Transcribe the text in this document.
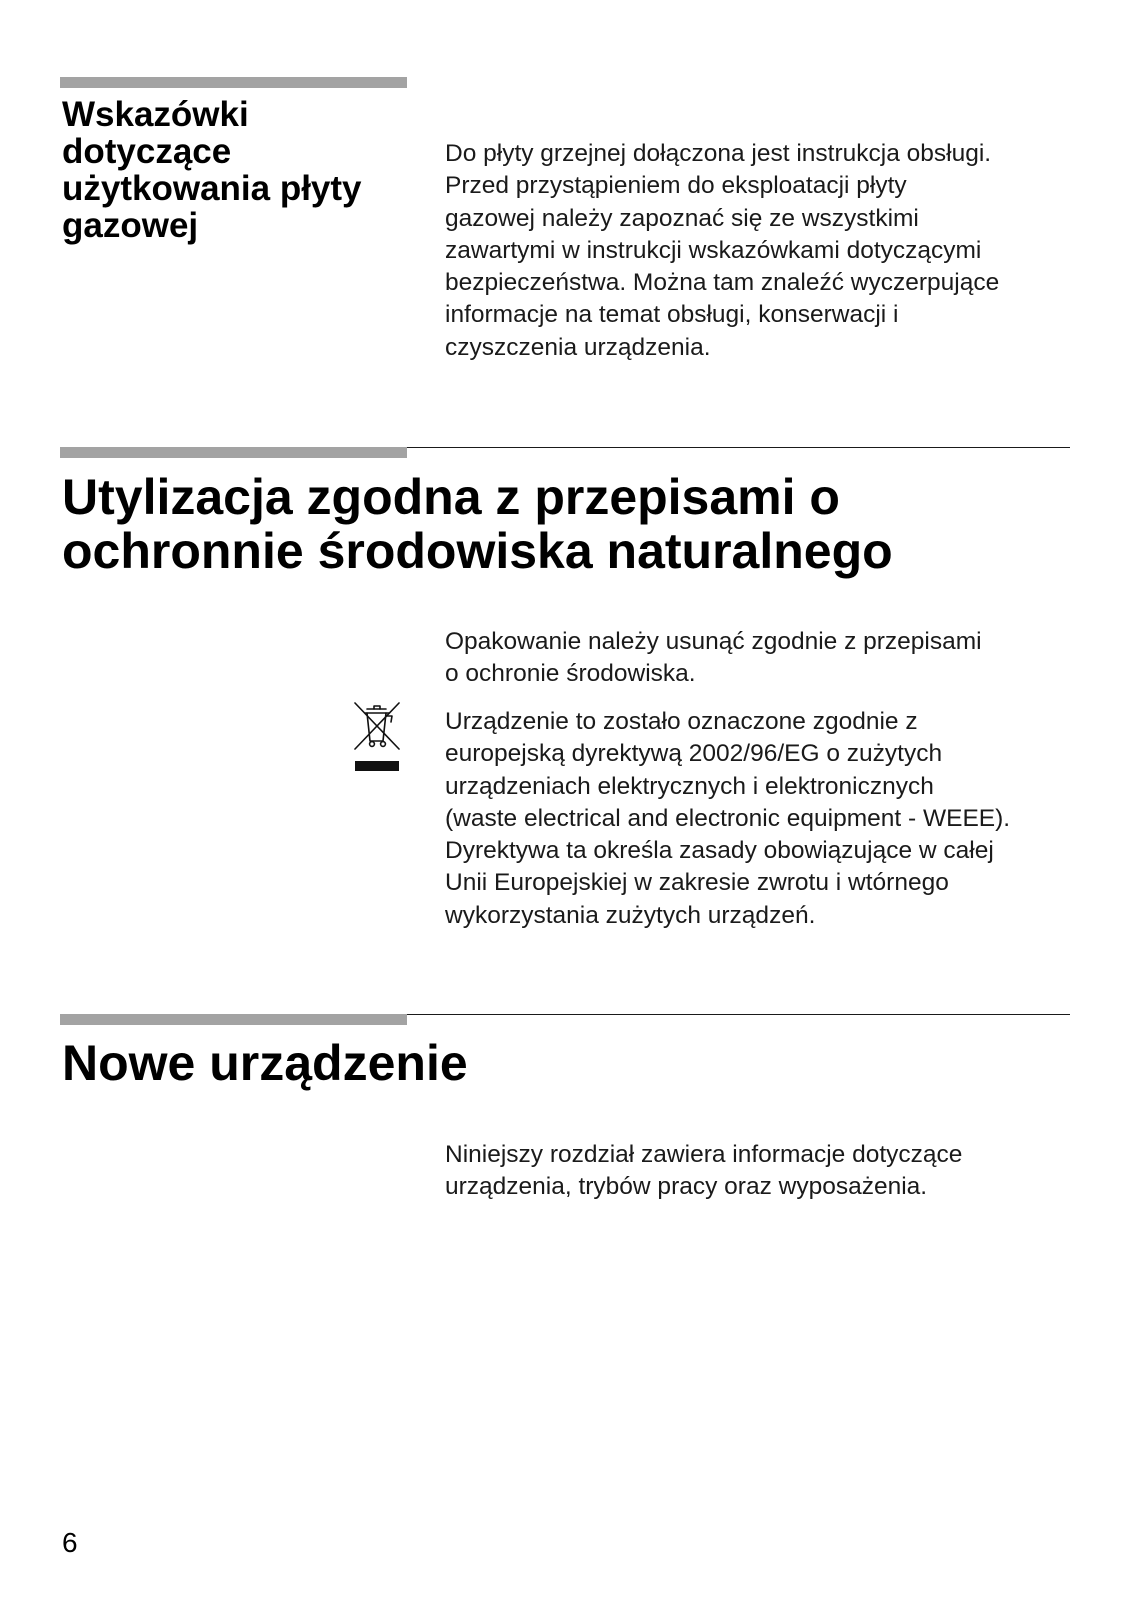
Wskazówki
dotyczące
użytkowania płyty
gazowej

Do płyty grzejnej dołączona jest instrukcja obsługi.
Przed przystąpieniem do eksploatacji płyty
gazowej należy zapoznać się ze wszystkimi
zawartymi w instrukcji wskazówkami dotyczącymi
bezpieczeństwa. Można tam znaleźć wyczerpujące
informacje na temat obsługi, konserwacji i
czyszczenia urządzenia.

Utylizacja zgodna z przepisami o
ochronnie środowiska naturalnego

Opakowanie należy usunąć zgodnie z przepisami
o ochronie środowiska.

Urządzenie to zostało oznaczone zgodnie z
europejską dyrektywą 2002/96/EG o zużytych
urządzeniach elektrycznych i elektronicznych
(waste electrical and electronic equipment - WEEE).
Dyrektywa ta określa zasady obowiązujące w całej
Unii Europejskiej w zakresie zwrotu i wtórnego
wykorzystania zużytych urządzeń.

Nowe urządzenie

Niniejszy rozdział zawiera informacje dotyczące
urządzenia, trybów pracy oraz wyposażenia.

6
